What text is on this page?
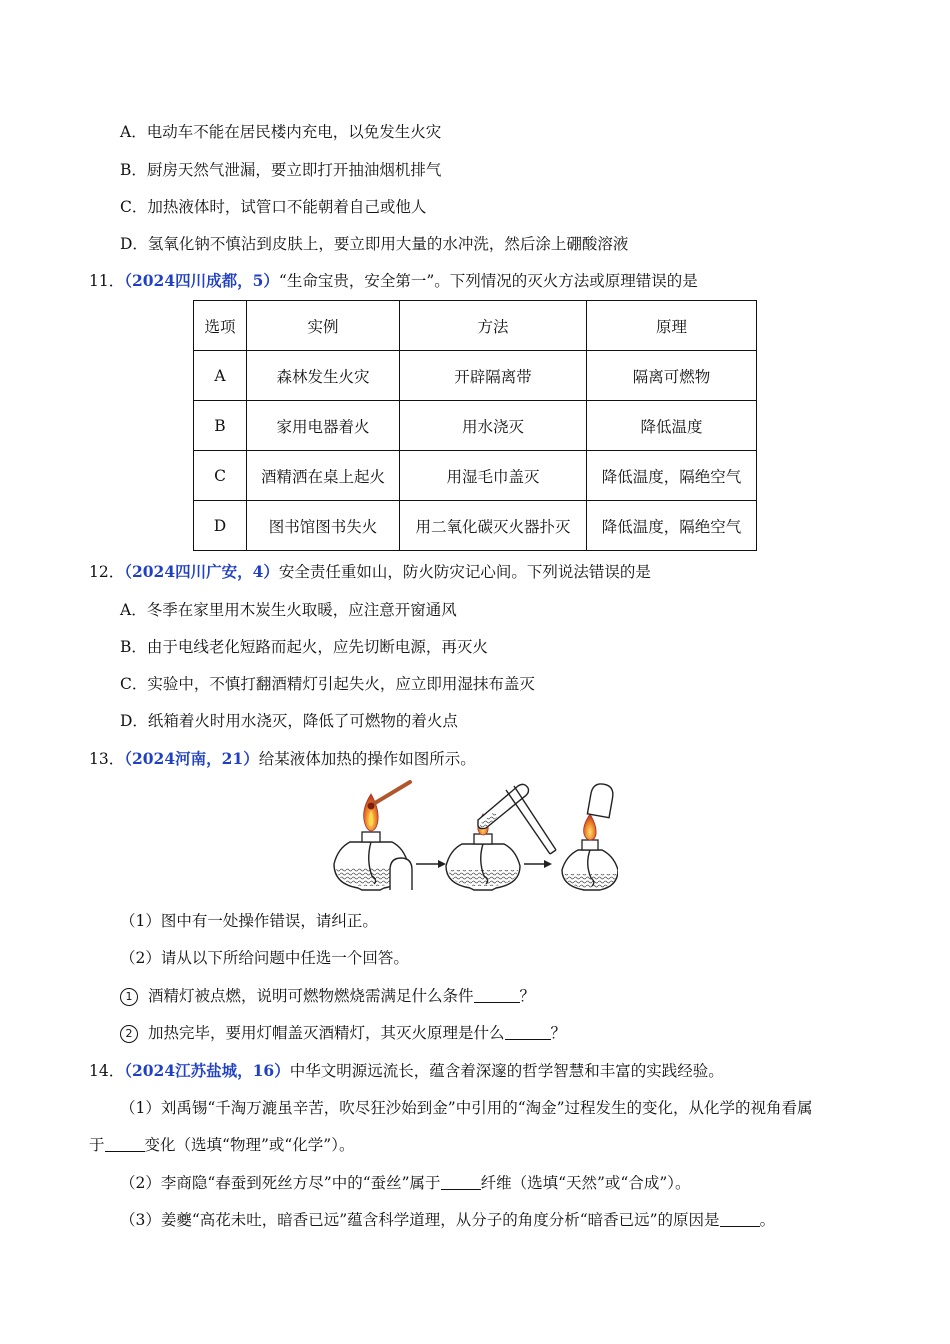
A．电动车不能在居民楼内充电，以免发生火灾
B．厨房天然气泄漏，要立即打开抽油烟机排气
C．加热液体时，试管口不能朝着自己或他人
D．氢氧化钠不慎沾到皮肤上，要立即用大量的水冲洗，然后涂上硼酸溶液
11．（2024四川成都，5）“生命宝贵，安全第一”。下列情况的灭火方法或原理错误的是
选项	实例	方法	原理
A	森林发生火灾	开辟隔离带	隔离可燃物
B	家用电器着火	用水浇灭	降低温度
C	酒精洒在桌上起火	用湿毛巾盖灭	降低温度，隔绝空气
D	图书馆图书失火	用二氧化碳灭火器扑灭	降低温度，隔绝空气
12．（2024四川广安，4）安全责任重如山，防火防灾记心间。下列说法错误的是
A．冬季在家里用木炭生火取暖，应注意开窗通风
B．由于电线老化短路而起火，应先切断电源，再灭火
C．实验中，不慎打翻酒精灯引起失火，应立即用湿抹布盖灭
D．纸箱着火时用水浇灭，降低了可燃物的着火点
13．（2024河南，21）给某液体加热的操作如图所示。
（1）图中有一处操作错误，请纠正。
（2）请从以下所给问题中任选一个回答。
1 酒精灯被点燃，说明可燃物燃烧需满足什么条件	？
2 加热完毕，要用灯帽盖灭酒精灯，其灭火原理是什么	？
14．（2024江苏盐城，16）中华文明源远流长，蕴含着深邃的哲学智慧和丰富的实践经验。
（1）刘禹锡“千淘万漉虽辛苦，吹尽狂沙始到金”中引用的“淘金”过程发生的变化，从化学的视角看属
于	变化（选填“物理”或“化学”）。
（2）李商隐“春蚕到死丝方尽”中的“蚕丝”属于	纤维（选填“天然”或“合成”）。
（3）姜夔“高花未吐，暗香已远”蕴含科学道理，从分子的角度分析“暗香已远”的原因是	。
